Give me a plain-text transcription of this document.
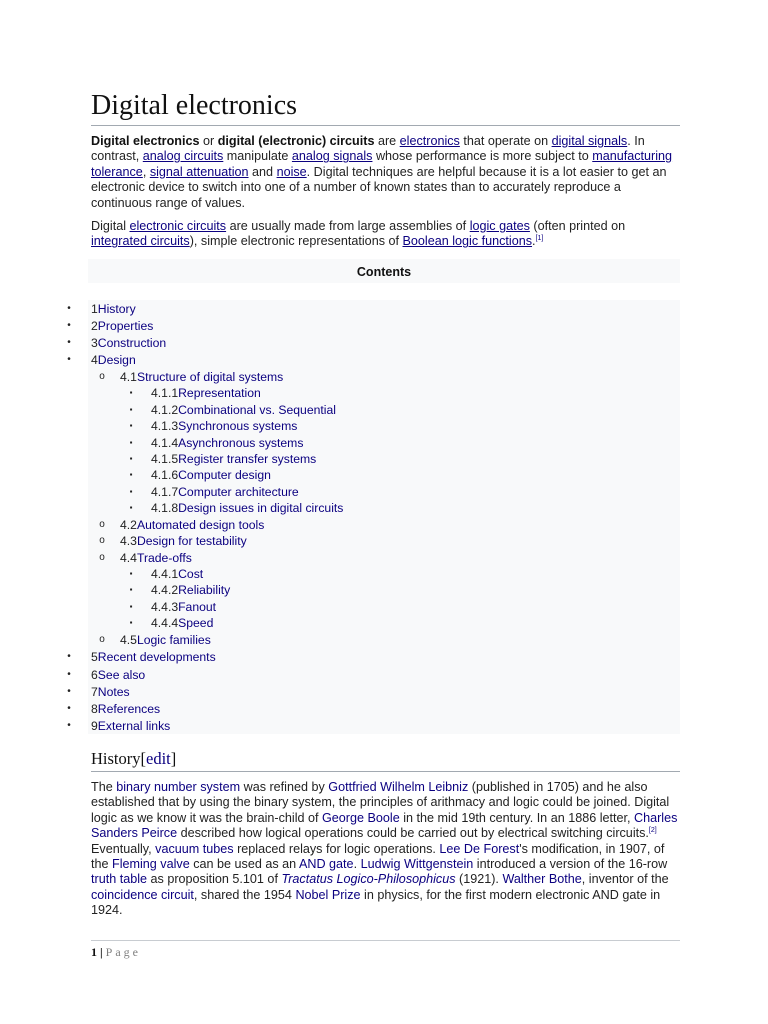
Digital electronics

Digital electronics or digital (electronic) circuits are electronics that operate on digital signals. In contrast, analog circuits manipulate analog signals whose performance is more subject to manufacturing tolerance, signal attenuation and noise. Digital techniques are helpful because it is a lot easier to get an electronic device to switch into one of a number of known states than to accurately reproduce a continuous range of values.

Digital electronic circuits are usually made from large assemblies of logic gates (often printed on integrated circuits), simple electronic representations of Boolean logic functions.[1]

Contents
•	1History
•	2Properties
•	3Construction
•	4Design
o	4.1Structure of digital systems
▪	4.1.1Representation
▪	4.1.2Combinational vs. Sequential
▪	4.1.3Synchronous systems
▪	4.1.4Asynchronous systems
▪	4.1.5Register transfer systems
▪	4.1.6Computer design
▪	4.1.7Computer architecture
▪	4.1.8Design issues in digital circuits
o	4.2Automated design tools
o	4.3Design for testability
o	4.4Trade-offs
▪	4.4.1Cost
▪	4.4.2Reliability
▪	4.4.3Fanout
▪	4.4.4Speed
o	4.5Logic families
•	5Recent developments
•	6See also
•	7Notes
•	8References
•	9External links
History[edit]

The binary number system was refined by Gottfried Wilhelm Leibniz (published in 1705) and he also established that by using the binary system, the principles of arithmacy and logic could be joined. Digital logic as we know it was the brain-child of George Boole in the mid 19th century. In an 1886 letter, Charles Sanders Peirce described how logical operations could be carried out by electrical switching circuits.[2] Eventually, vacuum tubes replaced relays for logic operations. Lee De Forest's modification, in 1907, of the Fleming valve can be used as an AND gate. Ludwig Wittgenstein introduced a version of the 16-row truth table as proposition 5.101 of Tractatus Logico-Philosophicus (1921). Walther Bothe, inventor of the coincidence circuit, shared the 1954 Nobel Prize in physics, for the first modern electronic AND gate in 1924.

1 | Page
